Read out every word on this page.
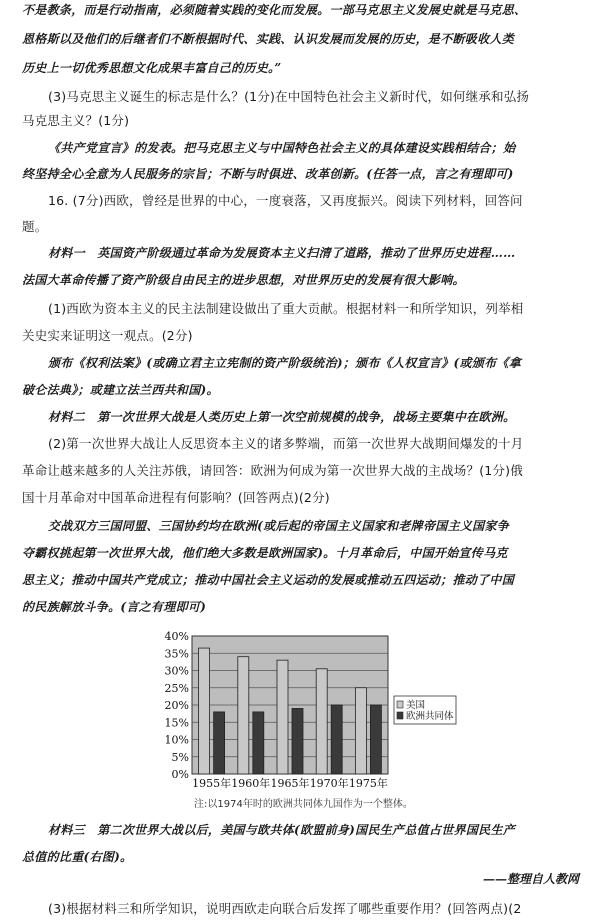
不是教条，而是行动指南，必须随着实践的变化而发展。一部马克思主义发展史就是马克思、
恩格斯以及他们的后继者们不断根据时代、实践、认识发展而发展的历史，是不断吸收人类
历史上一切优秀思想文化成果丰富自己的历史。”
(3)马克思主义诞生的标志是什么？(1分)在中国特色社会主义新时代，如何继承和弘扬
马克思主义？(1分)
《共产党宣言》的发表。把马克思主义与中国特色社会主义的具体建设实践相结合；始
终坚持全心全意为人民服务的宗旨；不断与时俱进、改革创新。(任答一点，言之有理即可)
16. (7分)西欧，曾经是世界的中心，一度衰落，又再度振兴。阅读下列材料，回答问
题。
材料一　英国资产阶级通过革命为发展资本主义扫清了道路，推动了世界历史进程……
法国大革命传播了资产阶级自由民主的进步思想，对世界历史的发展有很大影响。
(1)西欧为资本主义的民主法制建设做出了重大贡献。根据材料一和所学知识，列举相
关史实来证明这一观点。(2分)
颁布《权利法案》(或确立君主立宪制的资产阶级统治)；颁布《人权宣言》(或颁布《拿
破仑法典》；或建立法兰西共和国)。
材料二　第一次世界大战是人类历史上第一次空前规模的战争，战场主要集中在欧洲。
(2)第一次世界大战让人反思资本主义的诸多弊端，而第一次世界大战期间爆发的十月
革命让越来越多的人关注苏俄，请回答：欧洲为何成为第一次世界大战的主战场？(1分)俄
国十月革命对中国革命进程有何影响？(回答两点)(2分)
交战双方三国同盟、三国协约均在欧洲(或后起的帝国主义国家和老牌帝国主义国家争
夺霸权挑起第一次世界大战，他们绝大多数是欧洲国家)。十月革命后，中国开始宣传马克
思主义；推动中国共产党成立；推动中国社会主义运动的发展或推动五四运动；推动了中国
的民族解放斗争。(言之有理即可)
材料三　第二次世界大战以后，美国与欧共体(欧盟前身)国民生产总值占世界国民生产
总值的比重(右图)。
(3)根据材料三和所学知识，说明西欧走向联合后发挥了哪些重要作用？(回答两点)(2
——整理自人教网
0%
5%
10%
15%
20%
25%
30%
35%
40%
1955年 1960年 1965年 1970年 1975年
美国
欧洲共同体
注:以1974年时的欧洲共同体九国作为一个整体。
